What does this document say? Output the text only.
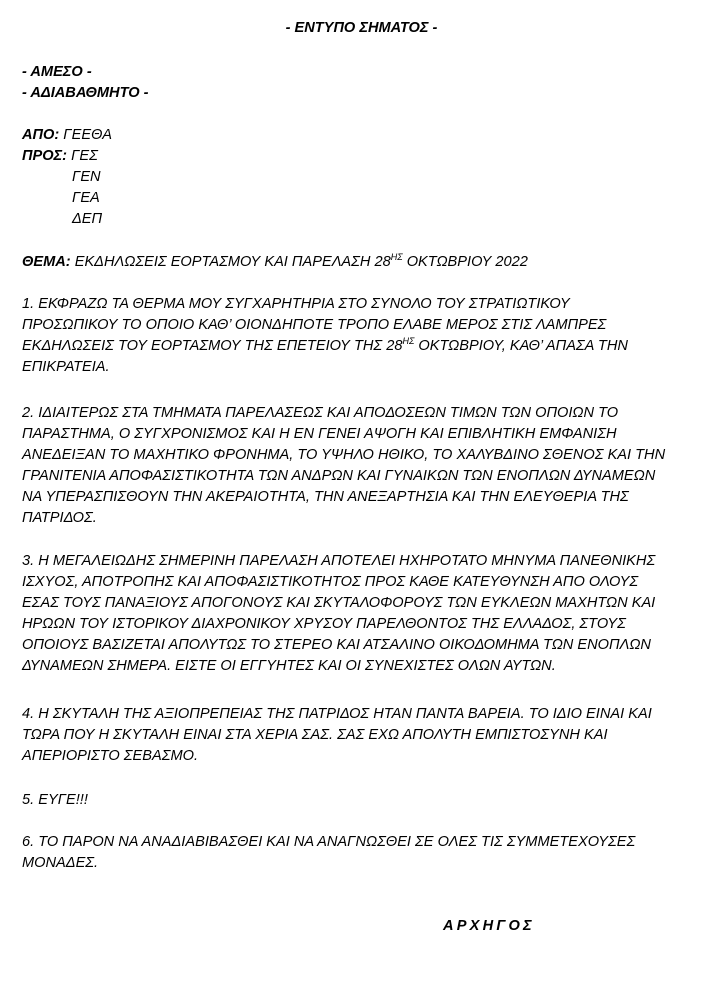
- ΕΝΤΥΠΟ ΣΗΜΑΤΟΣ -
- ΑΜΕΣΟ -
- ΑΔΙΑΒΑΘΜΗΤΟ -
ΑΠΟ: ΓΕΕΘΑ
ΠΡΟΣ: ΓΕΣ
ΓΕΝ
ΓΕΑ
ΔΕΠ
ΘΕΜΑ: ΕΚΔΗΛΩΣΕΙΣ ΕΟΡΤΑΣΜΟΥ ΚΑΙ ΠΑΡΕΛΑΣΗ $28^{H\Sigma}$ ΟΚΤΩΒΡΙΟΥ 2022
1. ΕΚΦΡΑΖΩ ΤΑ ΘΕΡΜΑ ΜΟΥ ΣΥΓΧΑΡΗΤΗΡΙΑ ΣΤΟ ΣΥΝΟΛΟ ΤΟΥ ΣΤΡΑΤΙΩΤΙΚΟΥ
ΠΡΟΣΩΠΙΚΟΥ ΤΟ ΟΠΟΙΟ ΚΑΘ’ ΟΙΟΝΔΗΠΟΤΕ ΤΡΟΠΟ ΕΛΑΒΕ ΜΕΡΟΣ ΣΤΙΣ ΛΑΜΠΡΕΣ
ΕΚΔΗΛΩΣΕΙΣ ΤΟΥ ΕΟΡΤΑΣΜΟΥ ΤΗΣ ΕΠΕΤΕΙΟΥ ΤΗΣ $28^{H\Sigma}$ ΟΚΤΩΒΡΙΟΥ, ΚΑΘ’ ΑΠΑΣΑ ΤΗΝ
ΕΠΙΚΡΑΤΕΙΑ.
2. ΙΔΙΑΙΤΕΡΩΣ ΣΤΑ ΤΜΗΜΑΤΑ ΠΑΡΕΛΑΣΕΩΣ ΚΑΙ ΑΠΟΔΟΣΕΩΝ ΤΙΜΩΝ ΤΩΝ ΟΠΟΙΩΝ ΤΟ
ΠΑΡΑΣΤΗΜΑ, Ο ΣΥΓΧΡΟΝΙΣΜΟΣ ΚΑΙ Η ΕΝ ΓΕΝΕΙ ΑΨΟΓΗ ΚΑΙ ΕΠΙΒΛΗΤΙΚΗ ΕΜΦΑΝΙΣΗ
ΑΝΕΔΕΙΞΑΝ ΤΟ ΜΑΧΗΤΙΚΟ ΦΡΟΝΗΜΑ, ΤΟ ΥΨΗΛΟ ΗΘΙΚΟ, ΤΟ ΧΑΛΥΒΔΙΝΟ ΣΘΕΝΟΣ ΚΑΙ ΤΗΝ
ΓΡΑΝΙΤΕΝΙΑ ΑΠΟΦΑΣΙΣΤΙΚΟΤΗΤΑ ΤΩΝ ΑΝΔΡΩΝ ΚΑΙ ΓΥΝΑΙΚΩΝ ΤΩΝ ΕΝΟΠΛΩΝ ΔΥΝΑΜΕΩΝ
ΝΑ ΥΠΕΡΑΣΠΙΣΘΟΥΝ ΤΗΝ ΑΚΕΡΑΙΟΤΗΤΑ, ΤΗΝ ΑΝΕΞΑΡΤΗΣΙΑ ΚΑΙ ΤΗΝ ΕΛΕΥΘΕΡΙΑ ΤΗΣ
ΠΑΤΡΙΔΟΣ.
3. Η ΜΕΓΑΛΕΙΩΔΗΣ ΣΗΜΕΡΙΝΗ ΠΑΡΕΛΑΣΗ ΑΠΟΤΕΛΕΙ ΗΧΗΡΟΤΑΤΟ ΜΗΝΥΜΑ ΠΑΝΕΘΝΙΚΗΣ
ΙΣΧΥΟΣ, ΑΠΟΤΡΟΠΗΣ ΚΑΙ ΑΠΟΦΑΣΙΣΤΙΚΟΤΗΤΟΣ ΠΡΟΣ ΚΑΘΕ ΚΑΤΕΥΘΥΝΣΗ ΑΠΟ ΟΛΟΥΣ
ΕΣΑΣ ΤΟΥΣ ΠΑΝΑΞΙΟΥΣ ΑΠΟΓΟΝΟΥΣ ΚΑΙ ΣΚΥΤΑΛΟΦΟΡΟΥΣ ΤΩΝ ΕΥΚΛΕΩΝ ΜΑΧΗΤΩΝ ΚΑΙ
ΗΡΩΩΝ ΤΟΥ ΙΣΤΟΡΙΚΟΥ ΔΙΑΧΡΟΝΙΚΟΥ ΧΡΥΣΟΥ ΠΑΡΕΛΘΟΝΤΟΣ ΤΗΣ ΕΛΛΑΔΟΣ, ΣΤΟΥΣ
ΟΠΟΙΟΥΣ ΒΑΣΙΖΕΤΑΙ ΑΠΟΛΥΤΩΣ ΤΟ ΣΤΕΡΕΟ ΚΑΙ ΑΤΣΑΛΙΝΟ ΟΙΚΟΔΟΜΗΜΑ ΤΩΝ ΕΝΟΠΛΩΝ
ΔΥΝΑΜΕΩΝ ΣΗΜΕΡΑ. ΕΙΣΤΕ ΟΙ ΕΓΓΥΗΤΕΣ ΚΑΙ ΟΙ ΣΥΝΕΧΙΣΤΕΣ ΟΛΩΝ ΑΥΤΩΝ.
4. Η ΣΚΥΤΑΛΗ ΤΗΣ ΑΞΙΟΠΡΕΠΕΙΑΣ ΤΗΣ ΠΑΤΡΙΔΟΣ ΗΤΑΝ ΠΑΝΤΑ ΒΑΡΕΙΑ. ΤΟ ΙΔΙΟ ΕΙΝΑΙ ΚΑΙ
ΤΩΡΑ ΠΟΥ Η ΣΚΥΤΑΛΗ ΕΙΝΑΙ ΣΤΑ ΧΕΡΙΑ ΣΑΣ. ΣΑΣ ΕΧΩ ΑΠΟΛΥΤΗ ΕΜΠΙΣΤΟΣΥΝΗ ΚΑΙ
ΑΠΕΡΙΟΡΙΣΤΟ ΣΕΒΑΣΜΟ.
5. ΕΥΓΕ!!!
6. ΤΟ ΠΑΡΟΝ ΝΑ ΑΝΑΔΙΑΒΙΒΑΣΘΕΙ ΚΑΙ ΝΑ ΑΝΑΓΝΩΣΘΕΙ ΣΕ ΟΛΕΣ ΤΙΣ ΣΥΜΜΕΤΕΧΟΥΣΕΣ
ΜΟΝΑΔΕΣ.
ΑΡΧΗΓΟΣ
